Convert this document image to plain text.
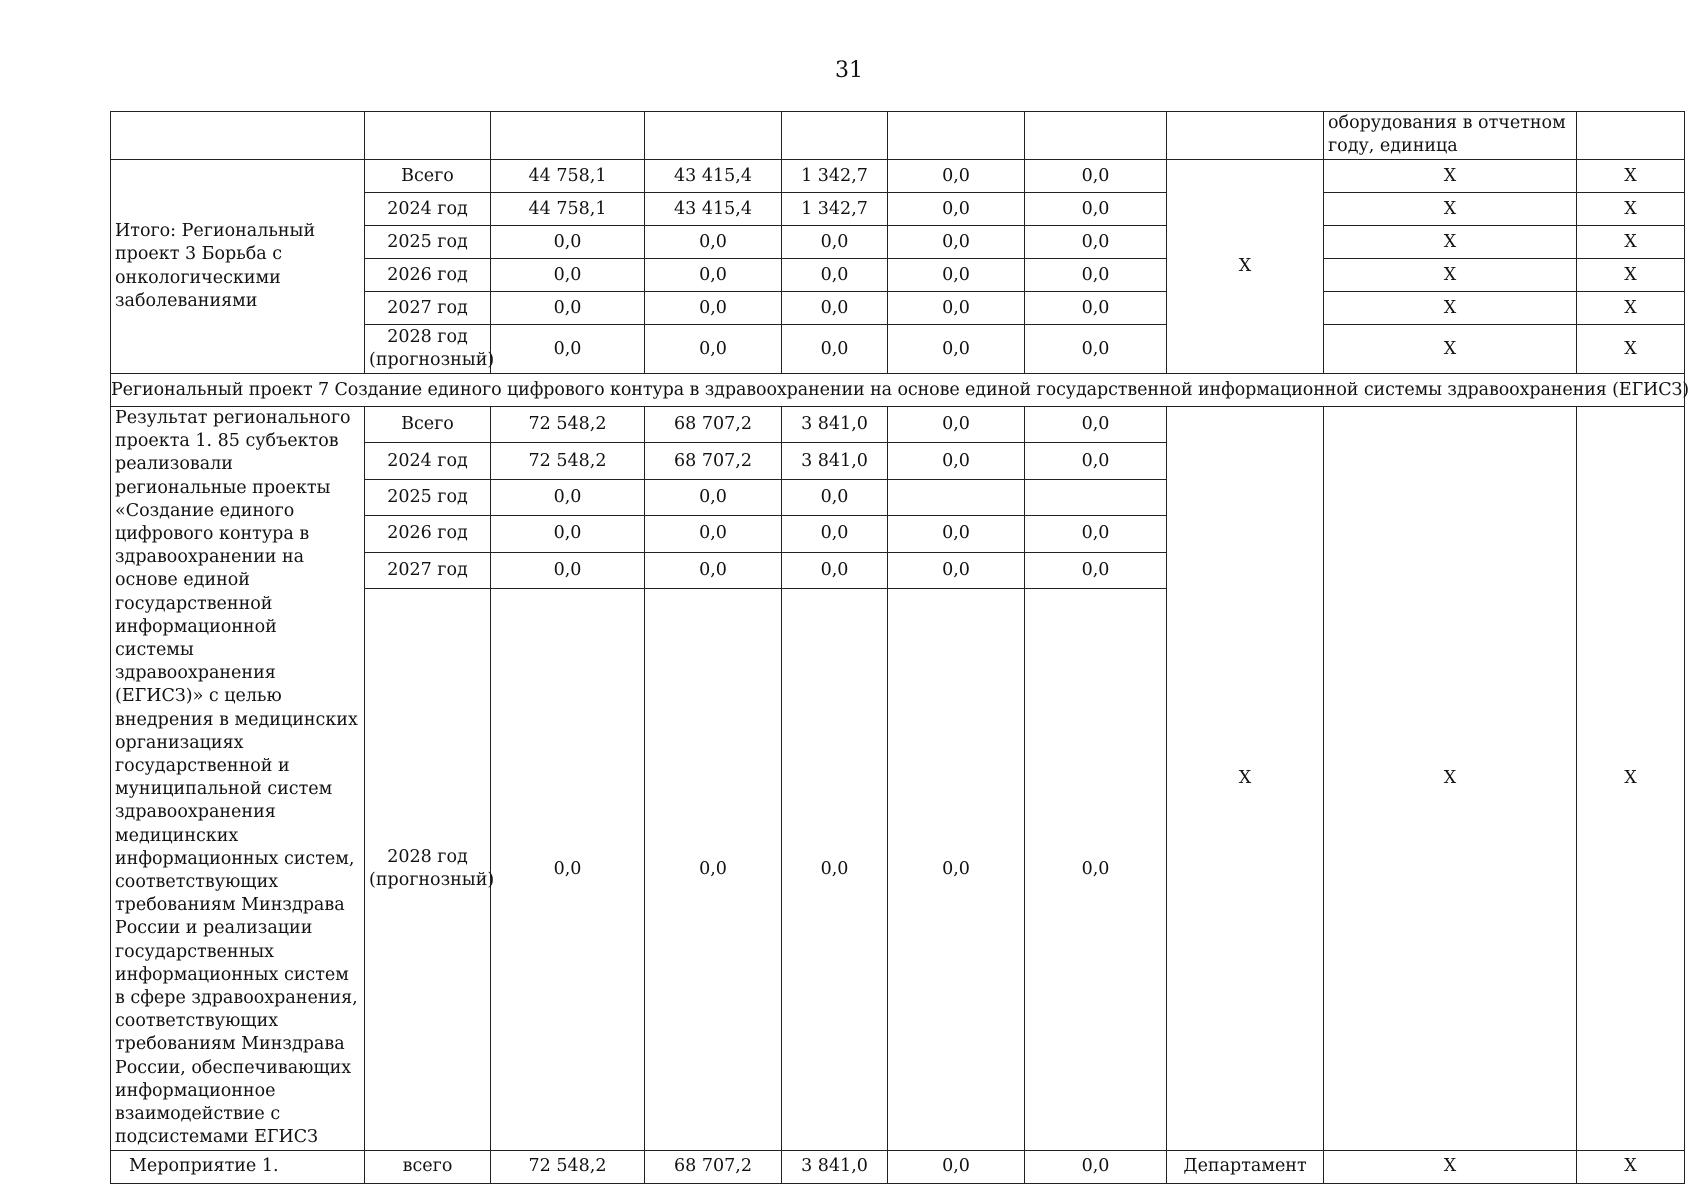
31
								оборудования в отчетном году, единица	
Итого: Региональный проект 3 Борьба с онкологическими заболеваниями	Всего	44 758,1	43 415,4	1 342,7	0,0	0,0	X	X	X
	2024 год	44 758,1	43 415,4	1 342,7	0,0	0,0		X	X
	2025 год	0,0	0,0	0,0	0,0	0,0		X	X
	2026 год	0,0	0,0	0,0	0,0	0,0		X	X
	2027 год	0,0	0,0	0,0	0,0	0,0		X	X
	2028 год (прогнозный)	0,0	0,0	0,0	0,0	0,0		X	X
Региональный проект 7 Создание единого цифрового контура в здравоохранении на основе единой государственной информационной системы здравоохранения (ЕГИСЗ)									
Результат регионального проекта 1. 85 субъектов реализовали региональные проекты «Создание единого цифрового контура в здравоохранении на основе единой государственной информационной системы здравоохранения (ЕГИСЗ)» с целью внедрения в медицинских организациях государственной и муниципальной систем здравоохранения медицинских информационных систем, соответствующих требованиям Минздрава России и реализации государственных информационных систем в сфере здравоохранения, соответствующих требованиям Минздрава России, обеспечивающих информационное взаимодействие с подсистемами ЕГИСЗ	Всего	72 548,2	68 707,2	3 841,0	0,0	0,0	X	X	X
	2024 год	72 548,2	68 707,2	3 841,0	0,0	0,0			
	2025 год	0,0	0,0	0,0					
	2026 год	0,0	0,0	0,0	0,0	0,0			
	2027 год	0,0	0,0	0,0	0,0	0,0			
	2028 год (прогнозный)	0,0	0,0	0,0	0,0	0,0			
Мероприятие 1.	всего	72 548,2	68 707,2	3 841,0	0,0	0,0	Департамент	X	X
